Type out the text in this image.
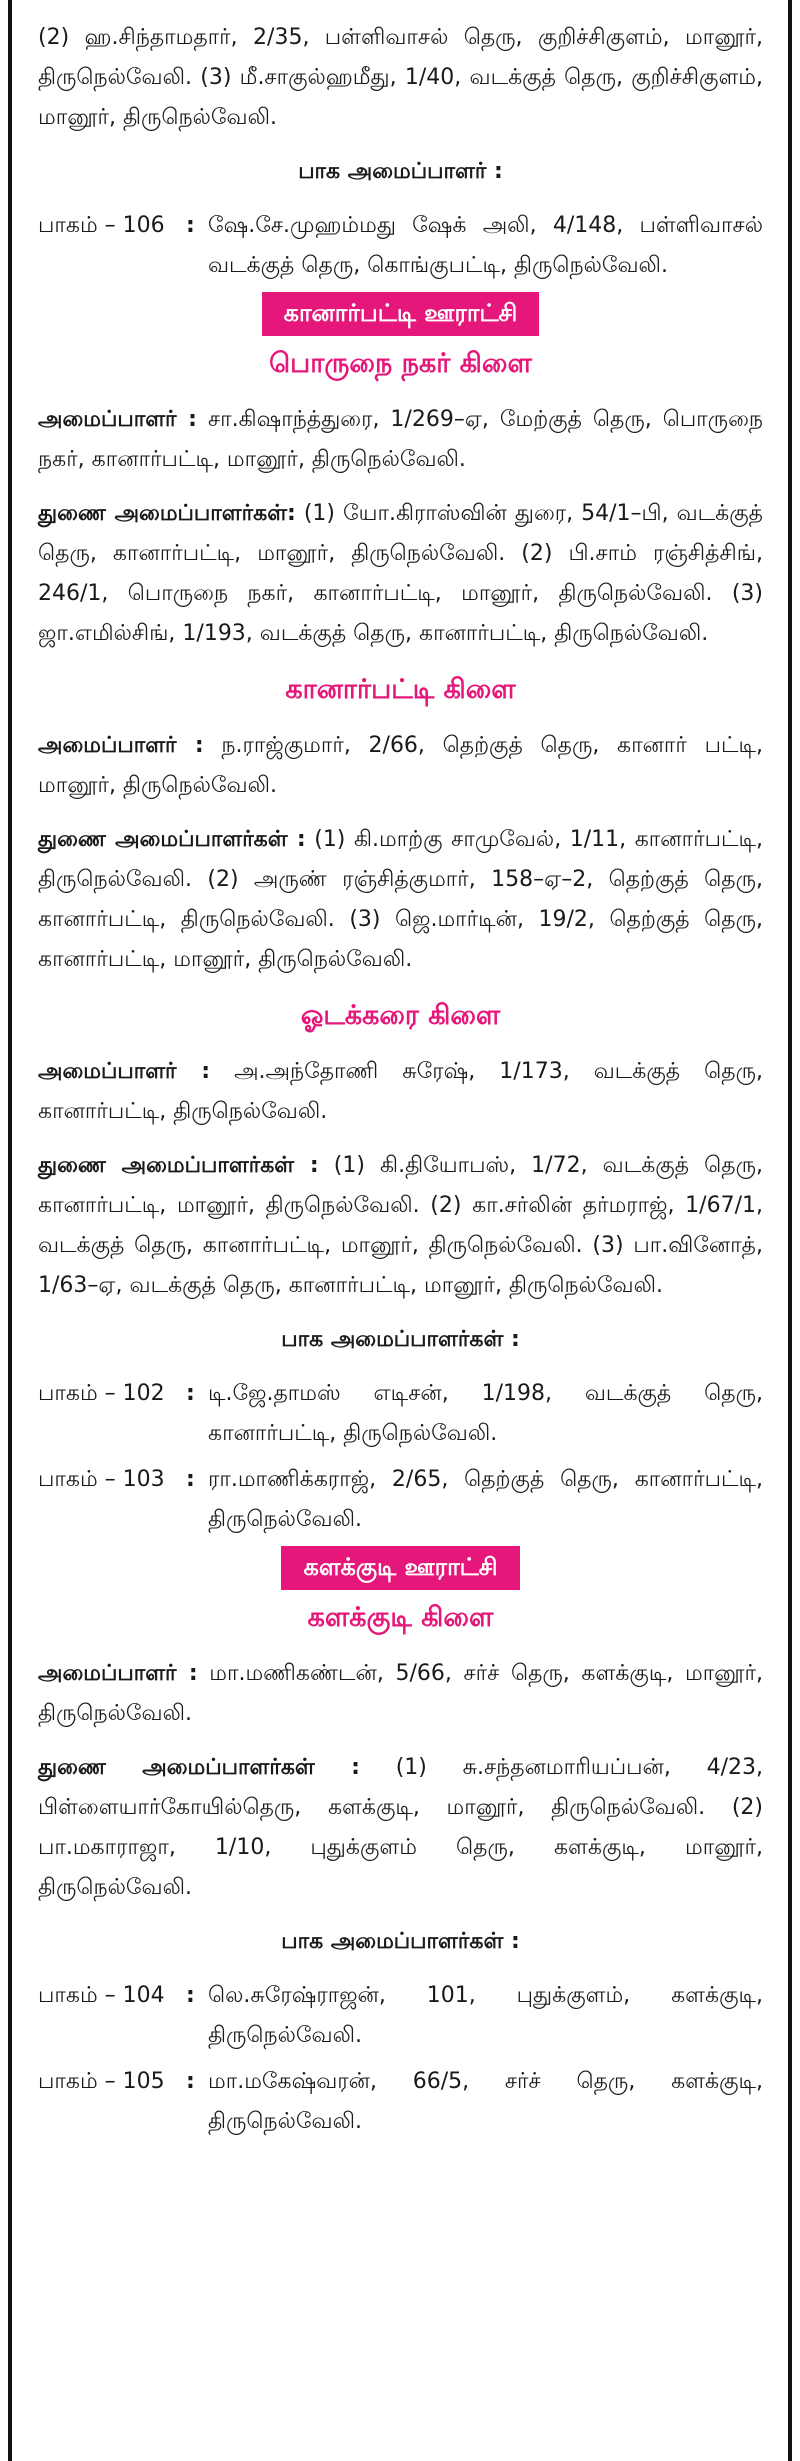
(2) ஹ.சிந்தாமதார், 2/35, பள்ளிவாசல் தெரு, குறிச்சிகுளம், மானூர், திருநெல்வேலி. (3) மீ.சாகுல்ஹமீது, 1/40, வடக்குத் தெரு, குறிச்சிகுளம், மானூர், திருநெல்வேலி.

பாக அமைப்பாளர் :
பாகம் – 106 : ஷே.சே.முஹம்மது ஷேக் அலி, 4/148, பள்ளிவாசல் வடக்குத் தெரு, கொங்குபட்டி, திருநெல்வேலி.
கானார்பட்டி ஊராட்சி
பொருநை நகர் கிளை

அமைப்பாளர் : சா.கிஷாந்த்துரை, 1/269–ஏ, மேற்குத் தெரு, பொருநை நகர், கானார்பட்டி, மானூர், திருநெல்வேலி.

துணை அமைப்பாளர்கள்: (1) யோ.கிராஸ்வின் துரை, 54/1–பி, வடக்குத் தெரு, கானார்பட்டி, மானூர், திருநெல்வேலி. (2) பி.சாம் ரஞ்சித்சிங், 246/1, பொருநை நகர், கானார்பட்டி, மானூர், திருநெல்வேலி. (3) ஜா.எமில்சிங், 1/193, வடக்குத் தெரு, கானார்பட்டி, திருநெல்வேலி.

கானார்பட்டி கிளை

அமைப்பாளர் : ந.ராஜ்குமார், 2/66, தெற்குத் தெரு, கானார் பட்டி, மானூர், திருநெல்வேலி.

துணை அமைப்பாளர்கள் : (1) கி.மாற்கு சாமுவேல், 1/11, கானார்பட்டி, திருநெல்வேலி. (2) அருண் ரஞ்சித்குமார், 158–ஏ–2, தெற்குத் தெரு, கானார்பட்டி, திருநெல்வேலி. (3) ஜெ.மார்டின், 19/2, தெற்குத் தெரு, கானார்பட்டி, மானூர், திருநெல்வேலி.

ஓடக்கரை கிளை

அமைப்பாளர் : அ.அந்தோணி சுரேஷ், 1/173, வடக்குத் தெரு, கானார்பட்டி, திருநெல்வேலி.

துணை அமைப்பாளர்கள் : (1) கி.தியோபஸ், 1/72, வடக்குத் தெரு, கானார்பட்டி, மானூர், திருநெல்வேலி. (2) கா.சர்லின் தர்மராஜ், 1/67/1, வடக்குத் தெரு, கானார்பட்டி, மானூர், திருநெல்வேலி. (3) பா.வினோத், 1/63–ஏ, வடக்குத் தெரு, கானார்பட்டி, மானூர், திருநெல்வேலி.

பாக அமைப்பாளர்கள் :
பாகம் – 102 : டி.ஜே.தாமஸ் எடிசன், 1/198, வடக்குத் தெரு, கானார்பட்டி, திருநெல்வேலி.
பாகம் – 103 : ரா.மாணிக்கராஜ், 2/65, தெற்குத் தெரு, கானார்பட்டி, திருநெல்வேலி.
களக்குடி ஊராட்சி
களக்குடி கிளை

அமைப்பாளர் : மா.மணிகண்டன், 5/66, சர்ச் தெரு, களக்குடி, மானூர், திருநெல்வேலி.

துணை அமைப்பாளர்கள் : (1) சு.சந்தனமாரியப்பன், 4/23, பிள்ளையார்கோயில்தெரு, களக்குடி, மானூர், திருநெல்வேலி. (2) பா.மகாராஜா, 1/10, புதுக்குளம் தெரு, களக்குடி, மானூர், திருநெல்வேலி.

பாக அமைப்பாளர்கள் :
பாகம் – 104 : லெ.சுரேஷ்ராஜன், 101, புதுக்குளம், களக்குடி, திருநெல்வேலி.
பாகம் – 105 : மா.மகேஷ்வரன், 66/5, சர்ச் தெரு, களக்குடி, திருநெல்வேலி.
